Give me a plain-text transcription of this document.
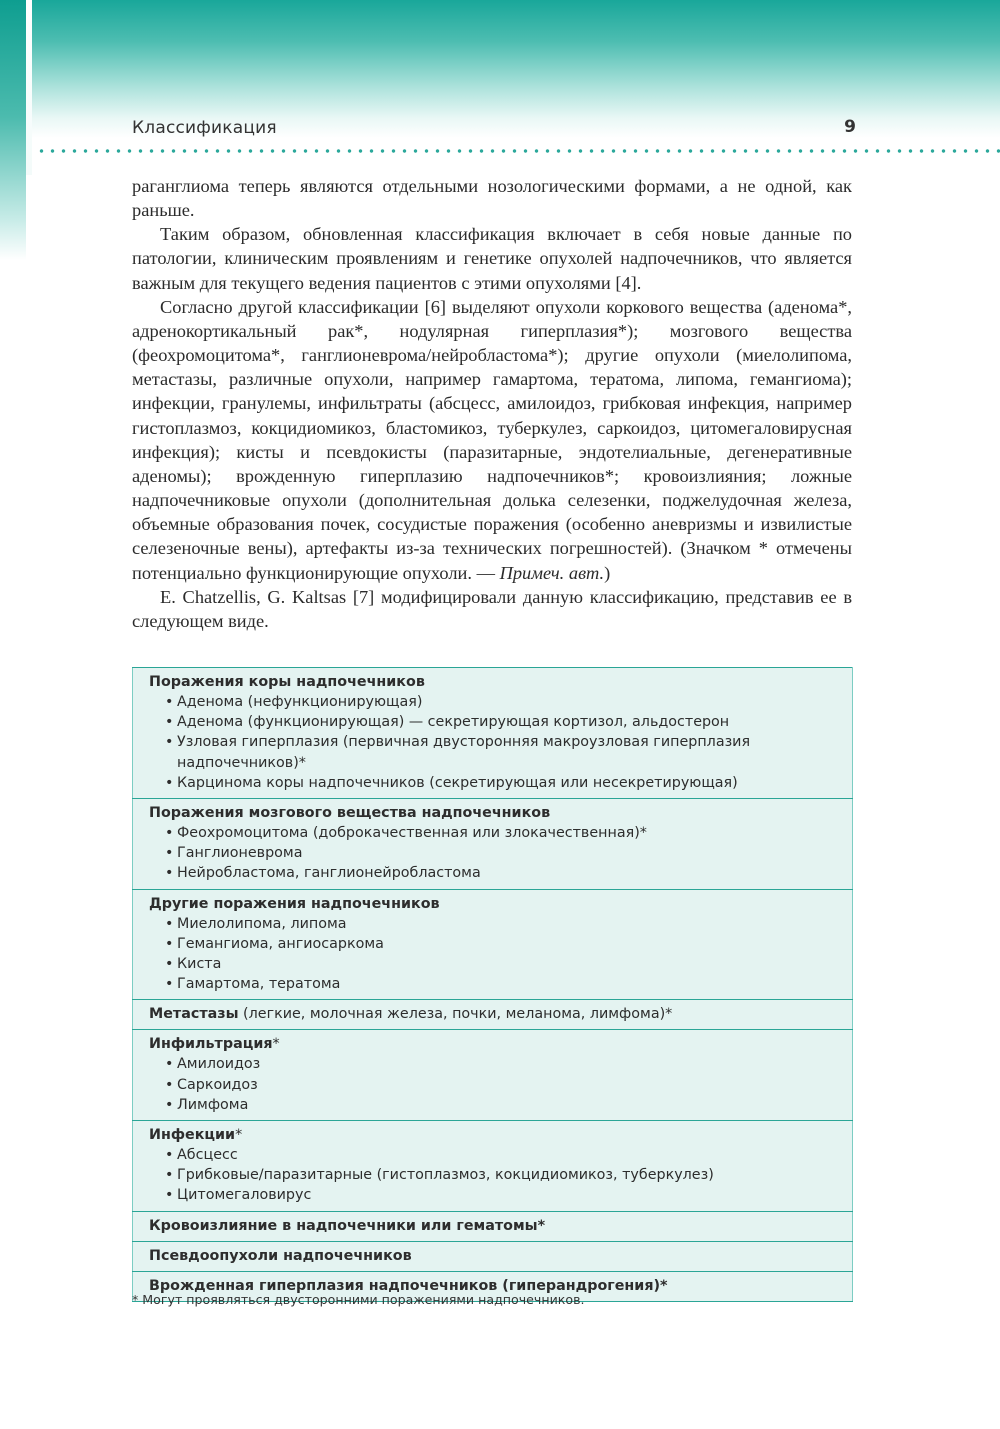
Классификация	9

раганглиома теперь являются отдельными нозологическими формами, а не одной, как раньше.

Таким образом, обновленная классификация включает в себя новые данные по патологии, клиническим проявлениям и генетике опухолей надпочечников, что является важным для текущего ведения пациентов с этими опухолями [4].

Согласно другой классификации [6] выделяют опухоли коркового вещества (аденома*, адренокортикальный рак*, нодулярная гиперплазия*); мозгового вещества (феохромоцитома*, ганглионеврома/нейробластома*); другие опухоли (миелолипома, метастазы, различные опухоли, например гамартома, тератома, липома, гемангиома); инфекции, гранулемы, инфильтраты (абсцесс, амилоидоз, грибковая инфекция, например гистоплазмоз, кокцидиомикоз, бластомикоз, туберкулез, саркоидоз, цитомегаловирусная инфекция); кисты и псевдокисты (паразитарные, эндотелиальные, дегенеративные аденомы); врожденную гиперплазию надпочечников*; кровоизлияния; ложные надпочечниковые опухоли (дополнительная долька селезенки, поджелудочная железа, объемные образования почек, сосудистые поражения (особенно аневризмы и извилистые селезеночные вены), артефакты из-за технических погрешностей). (Значком * отмечены потенциально функционирующие опухоли. — Примеч. авт.)

E. Chatzellis, G. Kaltsas [7] модифицировали данную классификацию, представив ее в следующем виде.

Поражения коры надпочечников
• Аденома (нефункционирующая)
• Аденома (функционирующая) — секретирующая кортизол, альдостерон
• Узловая гиперплазия (первичная двусторонняя макроузловая гиперплазия надпочечников)*
• Карцинома коры надпочечников (секретирующая или несекретирующая)

Поражения мозгового вещества надпочечников
• Феохромоцитома (доброкачественная или злокачественная)*
• Ганглионеврома
• Нейробластома, ганглионейробластома

Другие поражения надпочечников
• Миелолипома, липома
• Гемангиома, ангиосаркома
• Киста
• Гамартома, тератома

Метастазы (легкие, молочная железа, почки, меланома, лимфома)*

Инфильтрация*
• Амилоидоз
• Саркоидоз
• Лимфома

Инфекции*
• Абсцесс
• Грибковые/паразитарные (гистоплазмоз, кокцидиомикоз, туберкулез)
• Цитомегаловирус

Кровоизлияние в надпочечники или гематомы*

Псевдоопухоли надпочечников

Врожденная гиперплазия надпочечников (гиперандрогения)*
* Могут проявляться двусторонними поражениями надпочечников.
